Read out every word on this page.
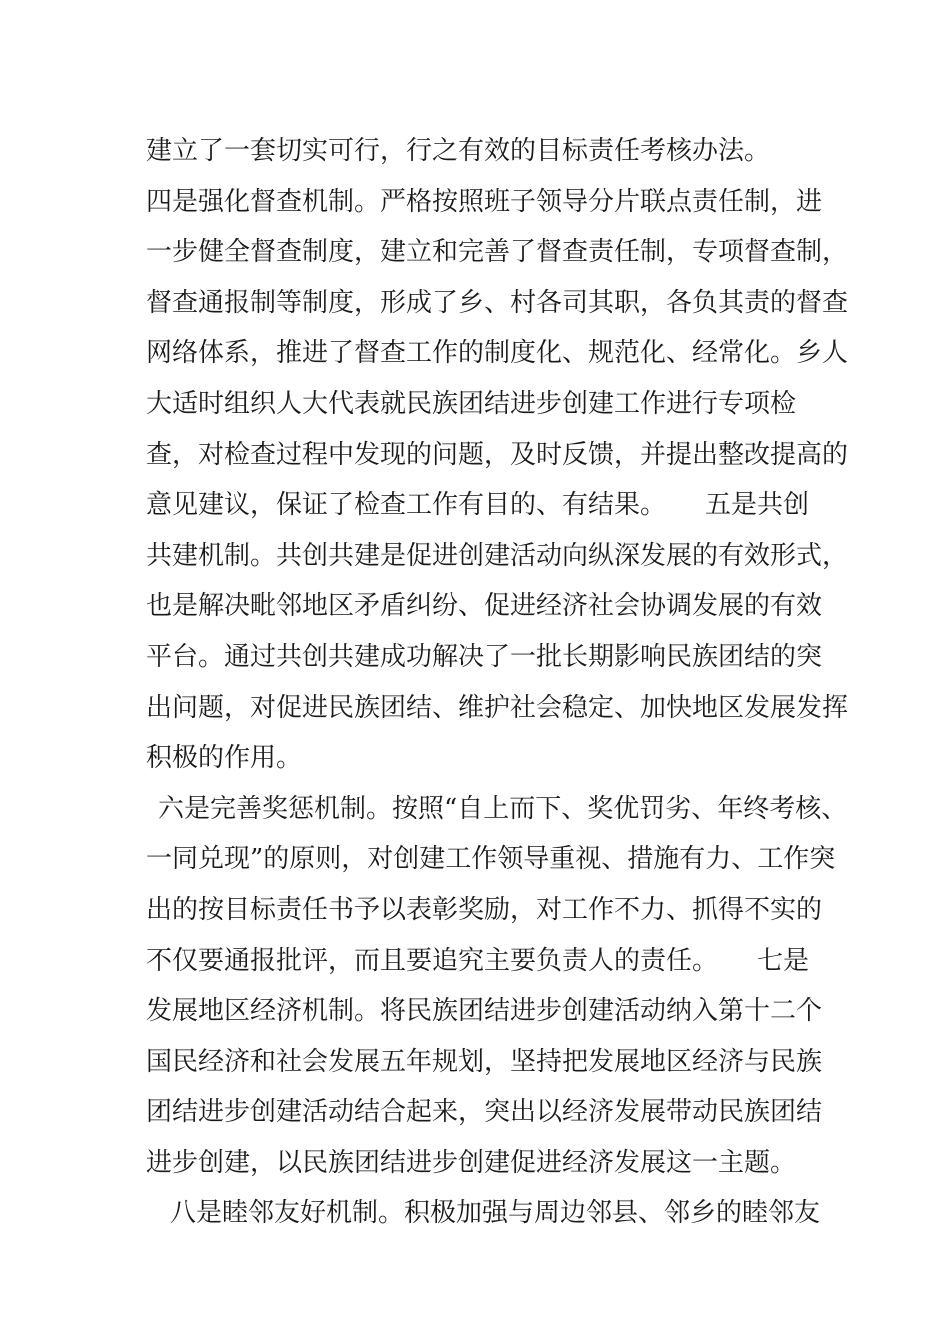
建立了一套切实可行，行之有效的目标责任考核办法。
四是强化督查机制。严格按照班子领导分片联点责任制，进
一步健全督查制度，建立和完善了督查责任制，专项督查制，
督查通报制等制度，形成了乡、村各司其职，各负其责的督查
网络体系，推进了督查工作的制度化、规范化、经常化。乡人
大适时组织人大代表就民族团结进步创建工作进行专项检
查，对检查过程中发现的问题，及时反馈，并提出整改提高的
意见建议，保证了检查工作有目的、有结果。　　五是共创
共建机制。共创共建是促进创建活动向纵深发展的有效形式，
也是解决毗邻地区矛盾纠纷、促进经济社会协调发展的有效
平台。通过共创共建成功解决了一批长期影响民族团结的突
出问题，对促进民族团结、维护社会稳定、加快地区发展发挥
积极的作用。
六是完善奖惩机制。按照“自上而下、奖优罚劣、年终考核、
一同兑现”的原则，对创建工作领导重视、措施有力、工作突
出的按目标责任书予以表彰奖励，对工作不力、抓得不实的
不仅要通报批评，而且要追究主要负责人的责任。　　七是
发展地区经济机制。将民族团结进步创建活动纳入第十二个
国民经济和社会发展五年规划，坚持把发展地区经济与民族
团结进步创建活动结合起来，突出以经济发展带动民族团结
进步创建，以民族团结进步创建促进经济发展这一主题。
八是睦邻友好机制。积极加强与周边邻县、邻乡的睦邻友
